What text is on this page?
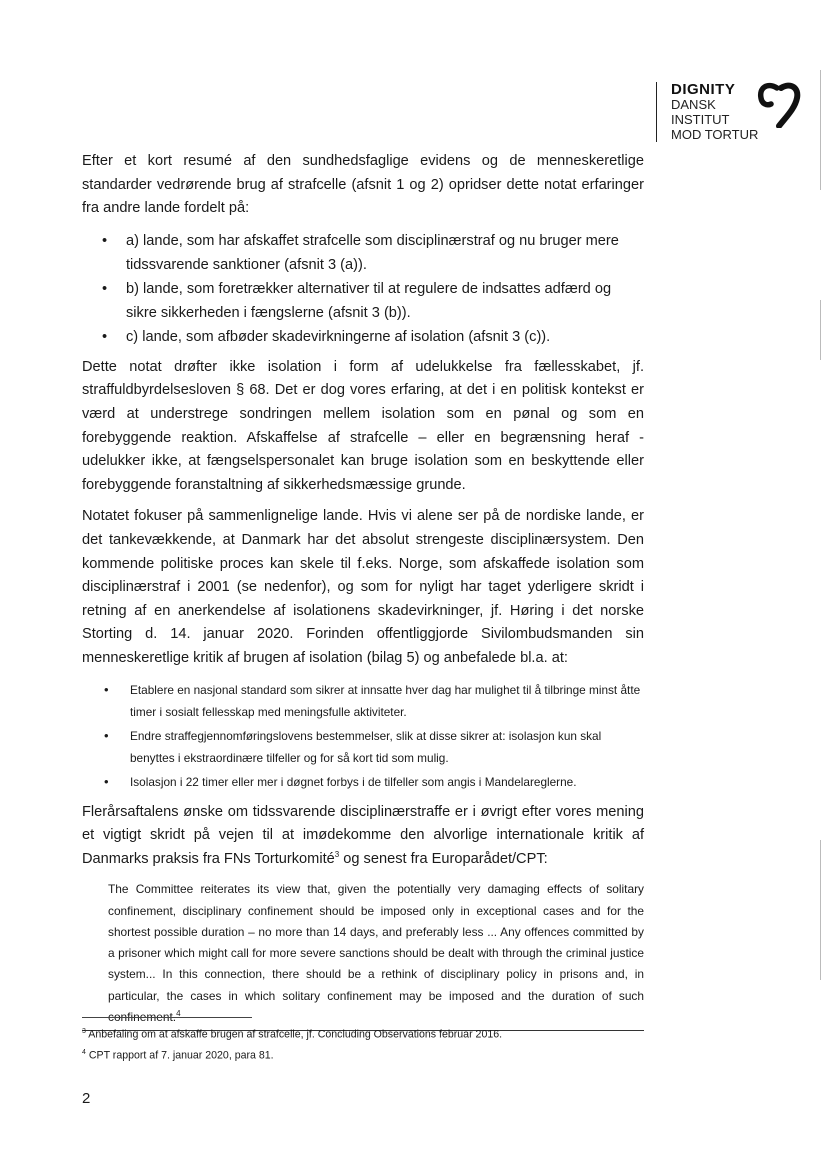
DIGNITY
DANSK
INSTITUT
MOD TORTUR

Efter et kort resumé af den sundhedsfaglige evidens og de menneskeretlige standarder vedrørende brug af strafcelle (afsnit 1 og 2) opridser dette notat erfaringer fra andre lande fordelt på:

• a) lande, som har afskaffet strafcelle som disciplinærstraf og nu bruger mere tidssvarende sanktioner (afsnit 3 (a)).
• b) lande, som foretrækker alternativer til at regulere de indsattes adfærd og sikre sikkerheden i fængslerne (afsnit 3 (b)).
• c) lande, som afbøder skadevirkningerne af isolation (afsnit 3 (c)).

Dette notat drøfter ikke isolation i form af udelukkelse fra fællesskabet, jf. straffuldbyrdelsesloven § 68. Det er dog vores erfaring, at det i en politisk kontekst er værd at understrege sondringen mellem isolation som en pønal og som en forebyggende reaktion. Afskaffelse af strafcelle – eller en begrænsning heraf - udelukker ikke, at fængselspersonalet kan bruge isolation som en beskyttende eller forebyggende foranstaltning af sikkerhedsmæssige grunde.

Notatet fokuser på sammenlignelige lande. Hvis vi alene ser på de nordiske lande, er det tankevækkende, at Danmark har det absolut strengeste disciplinærsystem. Den kommende politiske proces kan skele til f.eks. Norge, som afskaffede isolation som disciplinærstraf i 2001 (se nedenfor), og som for nyligt har taget yderligere skridt i retning af en anerkendelse af isolationens skadevirkninger, jf. Høring i det norske Storting d. 14. januar 2020. Forinden offentliggjorde Sivilombudsmanden sin menneskeretlige kritik af brugen af isolation (bilag 5) og anbefalede bl.a. at:

• Etablere en nasjonal standard som sikrer at innsatte hver dag har mulighet til å tilbringe minst åtte timer i sosialt fellesskap med meningsfulle aktiviteter.
• Endre straffegjennomføringslovens bestemmelser, slik at disse sikrer at: isolasjon kun skal benyttes i ekstraordinære tilfeller og for så kort tid som mulig.
• Isolasjon i 22 timer eller mer i døgnet forbys i de tilfeller som angis i Mandelareglerne.

Flerårsaftalens ønske om tidssvarende disciplinærstraffe er i øvrigt efter vores mening et vigtigt skridt på vejen til at imødekomme den alvorlige internationale kritik af Danmarks praksis fra FNs Torturkomité$^3$ og senest fra Europarådet/CPT:

The Committee reiterates its view that, given the potentially very damaging effects of solitary confinement, disciplinary confinement should be imposed only in exceptional cases and for the shortest possible duration – no more than 14 days, and preferably less ... Any offences committed by a prisoner which might call for more severe sanctions should be dealt with through the criminal justice system... In this connection, there should be a rethink of disciplinary policy in prisons and, in particular, the cases in which solitary confinement may be imposed and the duration of such confinement.$^4$
$^3$ Anbefaling om at afskaffe brugen af strafcelle, jf. Concluding Observations februar 2016.
$^4$ CPT rapport af 7. januar 2020, para 81.
2
